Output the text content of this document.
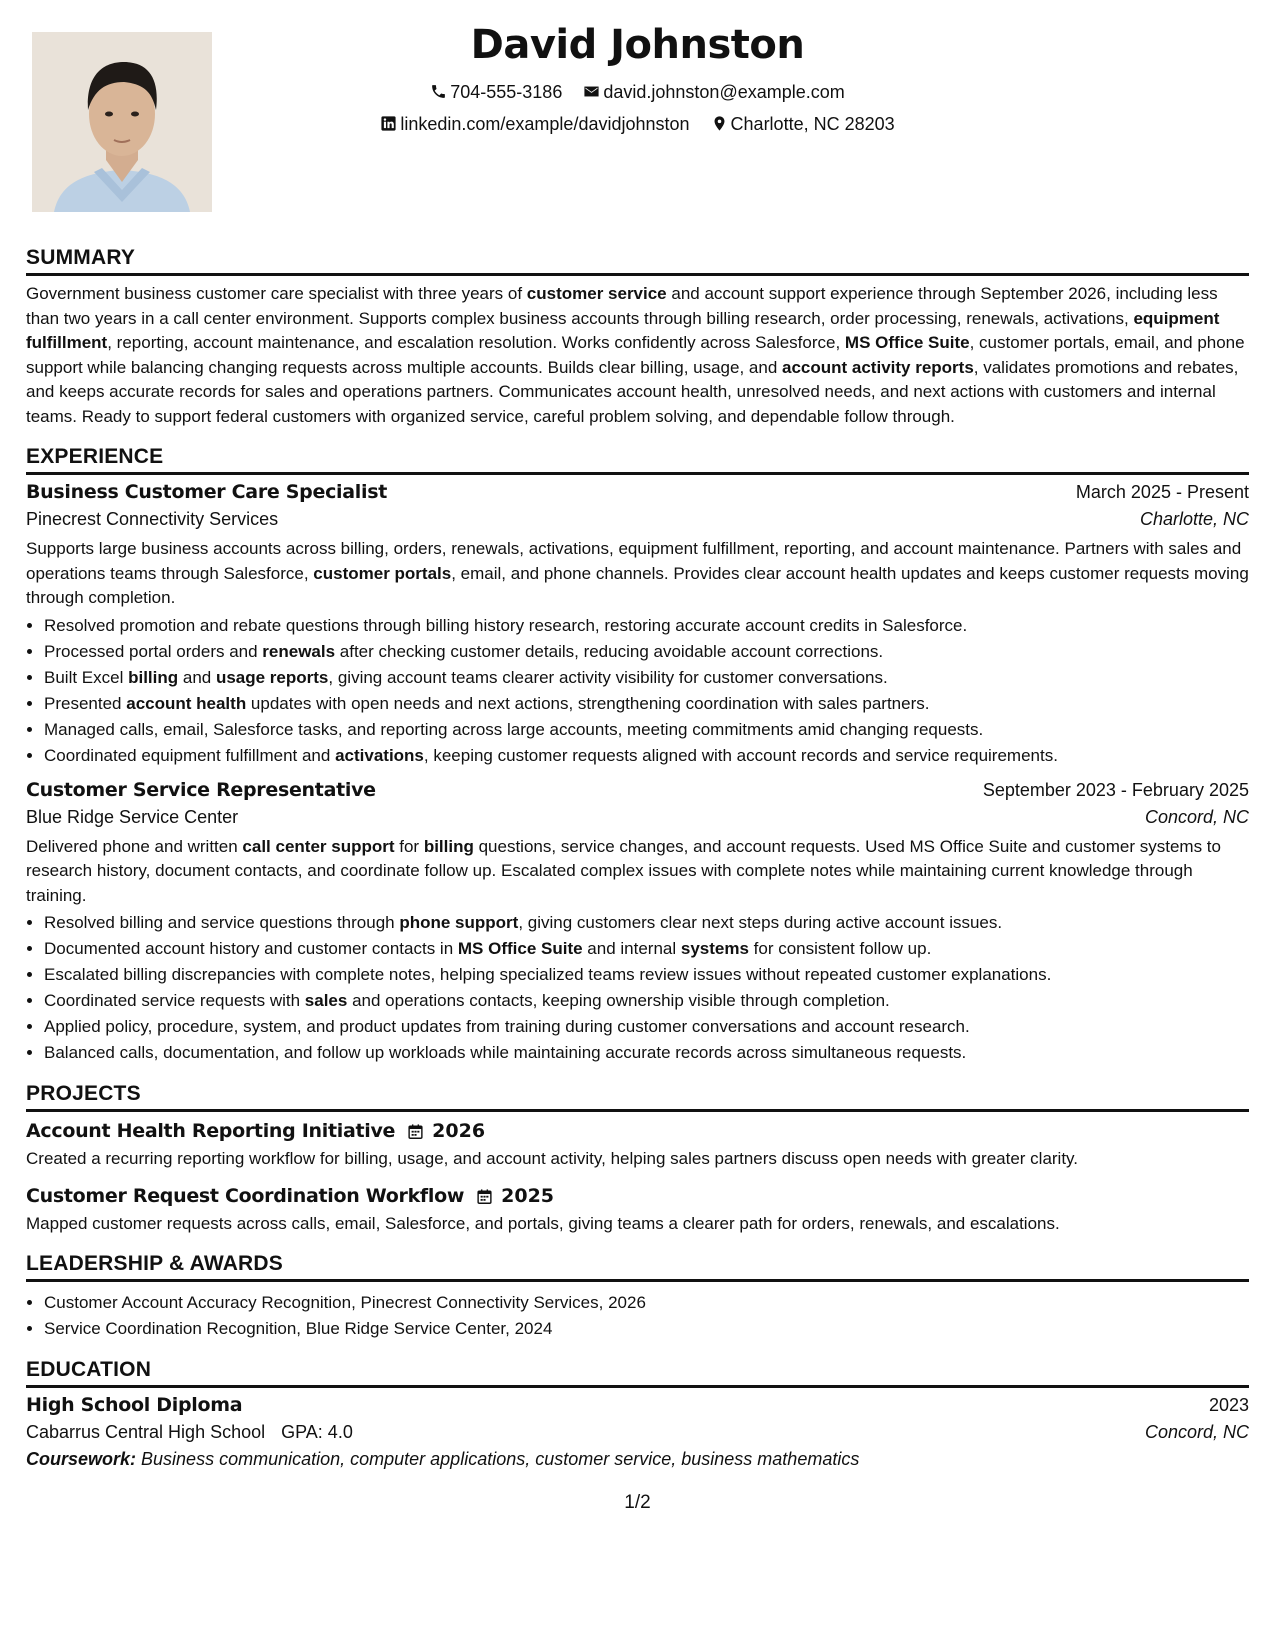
David Johnston
704-555-3186 david.johnston@example.com
linkedin.com/example/davidjohnston Charlotte, NC 28203
SUMMARY

Government business customer care specialist with three years of customer service and account support experience through September 2026, including less than two years in a call center environment. Supports complex business accounts through billing research, order processing, renewals, activations, equipment fulfillment, reporting, account maintenance, and escalation resolution. Works confidently across Salesforce, MS Office Suite, customer portals, email, and phone support while balancing changing requests across multiple accounts. Builds clear billing, usage, and account activity reports, validates promotions and rebates, and keeps accurate records for sales and operations partners. Communicates account health, unresolved needs, and next actions with customers and internal teams. Ready to support federal customers with organized service, careful problem solving, and dependable follow through.

EXPERIENCE
Business Customer Care Specialist	March 2025 - Present
Pinecrest Connectivity Services	Charlotte, NC

Supports large business accounts across billing, orders, renewals, activations, equipment fulfillment, reporting, and account maintenance. Partners with sales and operations teams through Salesforce, customer portals, email, and phone channels. Provides clear account health updates and keeps customer requests moving through completion.

• Resolved promotion and rebate questions through billing history research, restoring accurate account credits in Salesforce.
• Processed portal orders and renewals after checking customer details, reducing avoidable account corrections.
• Built Excel billing and usage reports, giving account teams clearer activity visibility for customer conversations.
• Presented account health updates with open needs and next actions, strengthening coordination with sales partners.
• Managed calls, email, Salesforce tasks, and reporting across large accounts, meeting commitments amid changing requests.
• Coordinated equipment fulfillment and activations, keeping customer requests aligned with account records and service requirements.
Customer Service Representative	September 2023 - February 2025
Blue Ridge Service Center	Concord, NC

Delivered phone and written call center support for billing questions, service changes, and account requests. Used MS Office Suite and customer systems to research history, document contacts, and coordinate follow up. Escalated complex issues with complete notes while maintaining current knowledge through training.

• Resolved billing and service questions through phone support, giving customers clear next steps during active account issues.
• Documented account history and customer contacts in MS Office Suite and internal systems for consistent follow up.
• Escalated billing discrepancies with complete notes, helping specialized teams review issues without repeated customer explanations.
• Coordinated service requests with sales and operations contacts, keeping ownership visible through completion.
• Applied policy, procedure, system, and product updates from training during customer conversations and account research.
• Balanced calls, documentation, and follow up workloads while maintaining accurate records across simultaneous requests.
PROJECTS
Account Health Reporting Initiative 2026

Created a recurring reporting workflow for billing, usage, and account activity, helping sales partners discuss open needs with greater clarity.

Customer Request Coordination Workflow 2025

Mapped customer requests across calls, email, Salesforce, and portals, giving teams a clearer path for orders, renewals, and escalations.

LEADERSHIP & AWARDS
• Customer Account Accuracy Recognition, Pinecrest Connectivity Services, 2026
• Service Coordination Recognition, Blue Ridge Service Center, 2024
EDUCATION
High School Diploma	2023
Cabarrus Central High School GPA: 4.0	Concord, NC
Coursework: Business communication, computer applications, customer service, business mathematics
1/2
